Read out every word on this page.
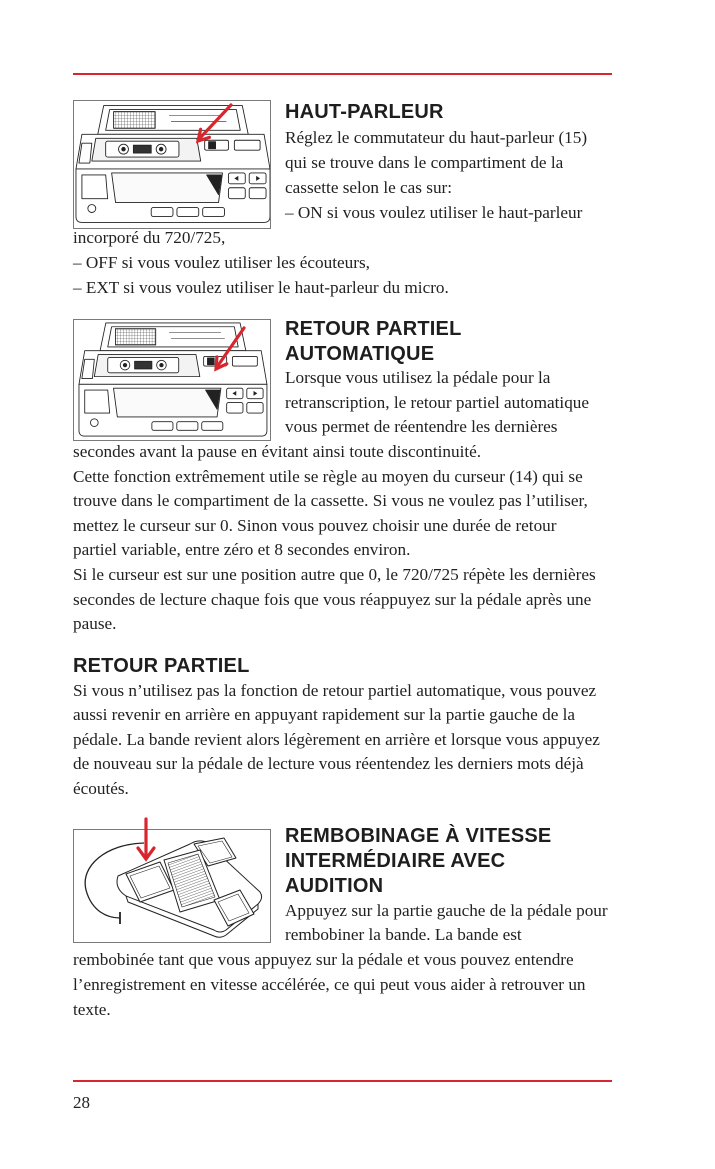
HAUT-PARLEUR
Réglez le commutateur du haut-parleur (15)
qui se trouve dans le compartiment de la
cassette selon le cas sur:
– ON si vous voulez utiliser le haut-parleur
incorporé du 720/725,
– OFF si vous voulez utiliser les écouteurs,
– EXT si vous voulez utiliser le haut-parleur du micro.
RETOUR PARTIEL
AUTOMATIQUE
Lorsque vous utilisez la pédale pour la
retranscription, le retour partiel automatique
vous permet de réentendre les dernières
secondes avant la pause en évitant ainsi toute discontinuité.
Cette fonction extrêmement utile se règle au moyen du curseur (14) qui se
trouve dans le compartiment de la cassette. Si vous ne voulez pas l’utiliser,
mettez le curseur sur 0. Sinon vous pouvez choisir une durée de retour
partiel variable, entre zéro et 8 secondes environ.
Si le curseur est sur une position autre que 0, le 720/725 répète les dernières
secondes de lecture chaque fois que vous réappuyez sur la pédale après une
pause.
RETOUR PARTIEL
Si vous n’utilisez pas la fonction de retour partiel automatique, vous pouvez
aussi revenir en arrière en appuyant rapidement sur la partie gauche de la
pédale. La bande revient alors légèrement en arrière et lorsque vous appuyez
de nouveau sur la pédale de lecture vous réentendez les derniers mots déjà
écoutés.
REMBOBINAGE À VITESSE
INTERMÉDIAIRE AVEC
AUDITION
Appuyez sur la partie gauche de la pédale pour
rembobiner la bande. La bande est
rembobinée tant que vous appuyez sur la pédale et vous pouvez entendre
l’enregistrement en vitesse accélérée, ce qui peut vous aider à retrouver un
texte.
28
